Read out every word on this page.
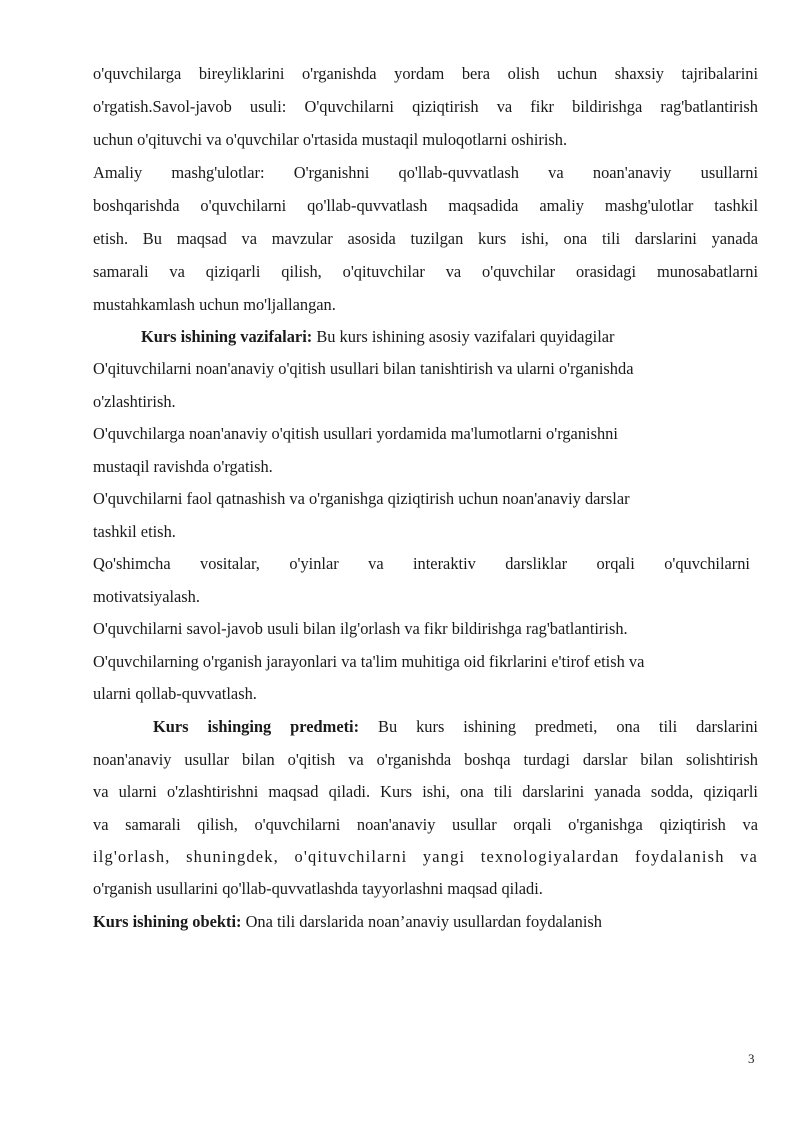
o'quvchilarga bireyliklarini o'rganishda yordam bera olish uchun shaxsiy tajribalarini
o'rgatish.Savol-javob usuli: O'quvchilarni qiziqtirish va fikr bildirishga rag'batlantirish
uchun o'qituvchi va o'quvchilar o'rtasida mustaqil muloqotlarni oshirish.
Amaliy mashg'ulotlar: O'rganishni qo'llab-quvvatlash va noan'anaviy usullarni
boshqarishda o'quvchilarni qo'llab-quvvatlash maqsadida amaliy mashg'ulotlar tashkil
etish. Bu maqsad va mavzular asosida tuzilgan kurs ishi, ona tili darslarini yanada
samarali va qiziqarli qilish, o'qituvchilar va o'quvchilar orasidagi munosabatlarni
mustahkamlash uchun mo'ljallangan.
Kurs ishining vazifalari: Bu kurs ishining asosiy vazifalari quyidagilar
O'qituvchilarni noan'anaviy o'qitish usullari bilan tanishtirish va ularni o'rganishda
o'zlashtirish.
O'quvchilarga noan'anaviy o'qitish usullari yordamida ma'lumotlarni o'rganishni
mustaqil ravishda o'rgatish.
O'quvchilarni faol qatnashish va o'rganishga qiziqtirish uchun noan'anaviy darslar
tashkil etish.
Qo'shimcha vositalar, o'yinlar va interaktiv darsliklar orqali o'quvchilarni
motivatsiyalash.
O'quvchilarni savol-javob usuli bilan ilg'orlash va fikr bildirishga rag'batlantirish.
O'quvchilarning o'rganish jarayonlari va ta'lim muhitiga oid fikrlarini e'tirof etish va
ularni qollab-quvvatlash.
Kurs ishinging predmeti: Bu kurs ishining predmeti, ona tili darslarini
noan'anaviy usullar bilan o'qitish va o'rganishda boshqa turdagi darslar bilan solishtirish
va ularni o'zlashtirishni maqsad qiladi. Kurs ishi, ona tili darslarini yanada sodda, qiziqarli
va samarali qilish, o'quvchilarni noan'anaviy usullar orqali o'rganishga qiziqtirish va
ilg'orlash, shuningdek, o'qituvchilarni yangi texnologiyalardan foydalanish va
o'rganish usullarini qo'llab-quvvatlashda tayyorlashni maqsad qiladi.
Kurs ishining obekti: Ona tili darslarida noan’anaviy usullardan foydalanish
3
